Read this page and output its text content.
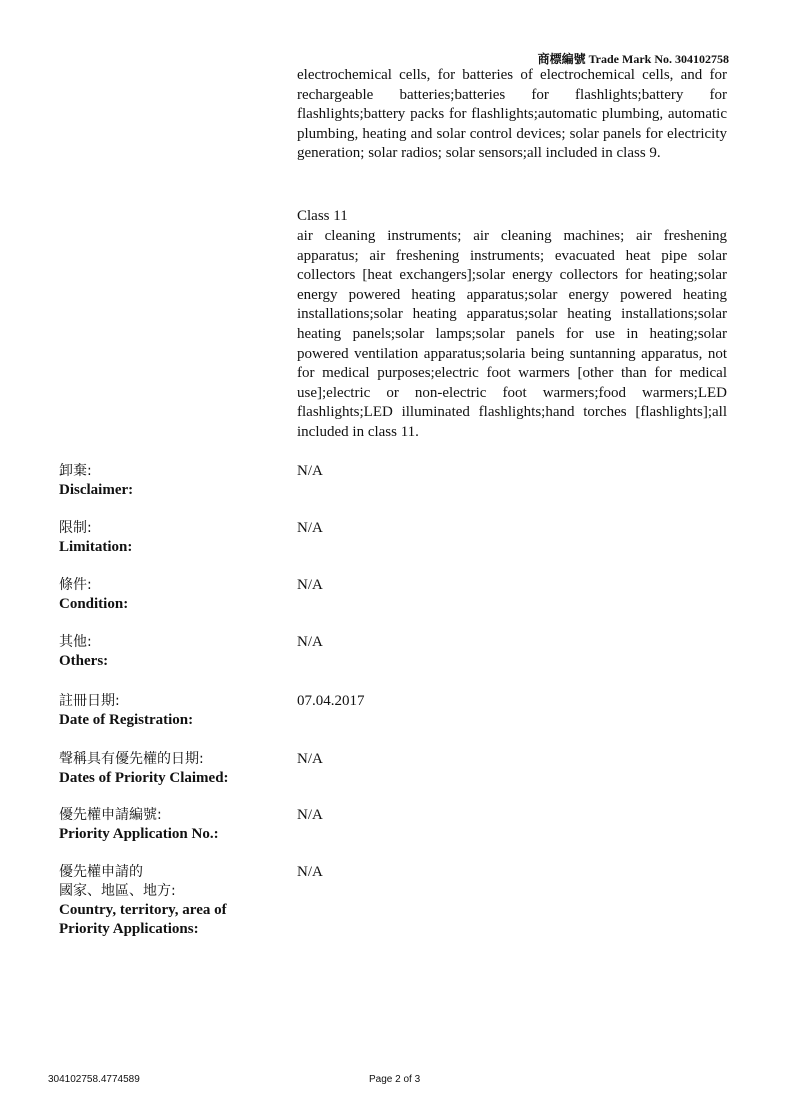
商標編號 Trade Mark No. 304102758

electrochemical cells, for batteries of electrochemical cells, and for rechargeable batteries;batteries for flashlights;battery for flashlights;battery packs for flashlights;automatic plumbing, automatic plumbing, heating and solar control devices; solar panels for electricity generation; solar radios; solar sensors;all included in class 9.

Class 11

air cleaning instruments; air cleaning machines; air freshening apparatus; air freshening instruments; evacuated heat pipe solar collectors [heat exchangers];solar energy collectors for heating;solar energy powered heating apparatus;solar energy powered heating installations;solar heating apparatus;solar heating installations;solar heating panels;solar lamps;solar panels for use in heating;solar powered ventilation apparatus;solaria being suntanning apparatus, not for medical purposes;electric foot warmers [other than for medical use];electric or non-electric foot warmers;food warmers;LED flashlights;LED illuminated flashlights;hand torches [flashlights];all included in class 11.

卸棄:
Disclaimer:
N/A
限制:
Limitation:
N/A
條件:
Condition:
N/A
其他:
Others:
N/A
註冊日期:
Date of Registration:
07.04.2017
聲稱具有優先權的日期:
Dates of Priority Claimed:
N/A
優先權申請編號:
Priority Application No.:
N/A
優先權申請的
國家、地區、地方:
Country, territory, area of
Priority Applications:
N/A
304102758.4774589	Page 2 of 3
